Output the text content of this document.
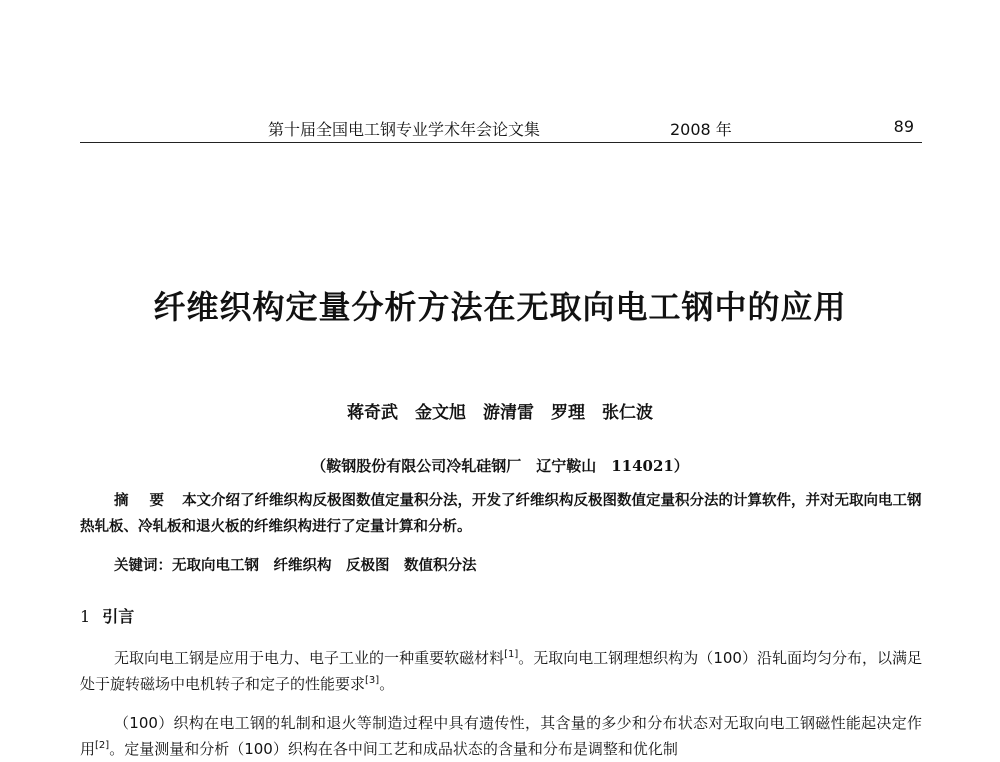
第十届全国电工钢专业学术年会论文集	2008 年	89
纤维织构定量分析方法在无取向电工钢中的应用
蒋奇武　金文旭　游清雷　罗理　张仁波
（鞍钢股份有限公司冷轧硅钢厂　辽宁鞍山　114021）
摘 要 本文介绍了纤维织构反极图数值定量积分法，开发了纤维织构反极图数值定量积分法的计算软件，并对无取向电工钢热轧板、冷轧板和退火板的纤维织构进行了定量计算和分析。
关键词：无取向电工钢　纤维织构　反极图　数值积分法
1 引言
无取向电工钢是应用于电力、电子工业的一种重要软磁材料[1]。无取向电工钢理想织构为（100）沿轧面均匀分布，以满足处于旋转磁场中电机转子和定子的性能要求[3]。
（100）织构在电工钢的轧制和退火等制造过程中具有遗传性，其含量的多少和分布状态对无取向电工钢磁性能起决定作用[2]。定量测量和分析（100）织构在各中间工艺和成品状态的含量和分布是调整和优化制
